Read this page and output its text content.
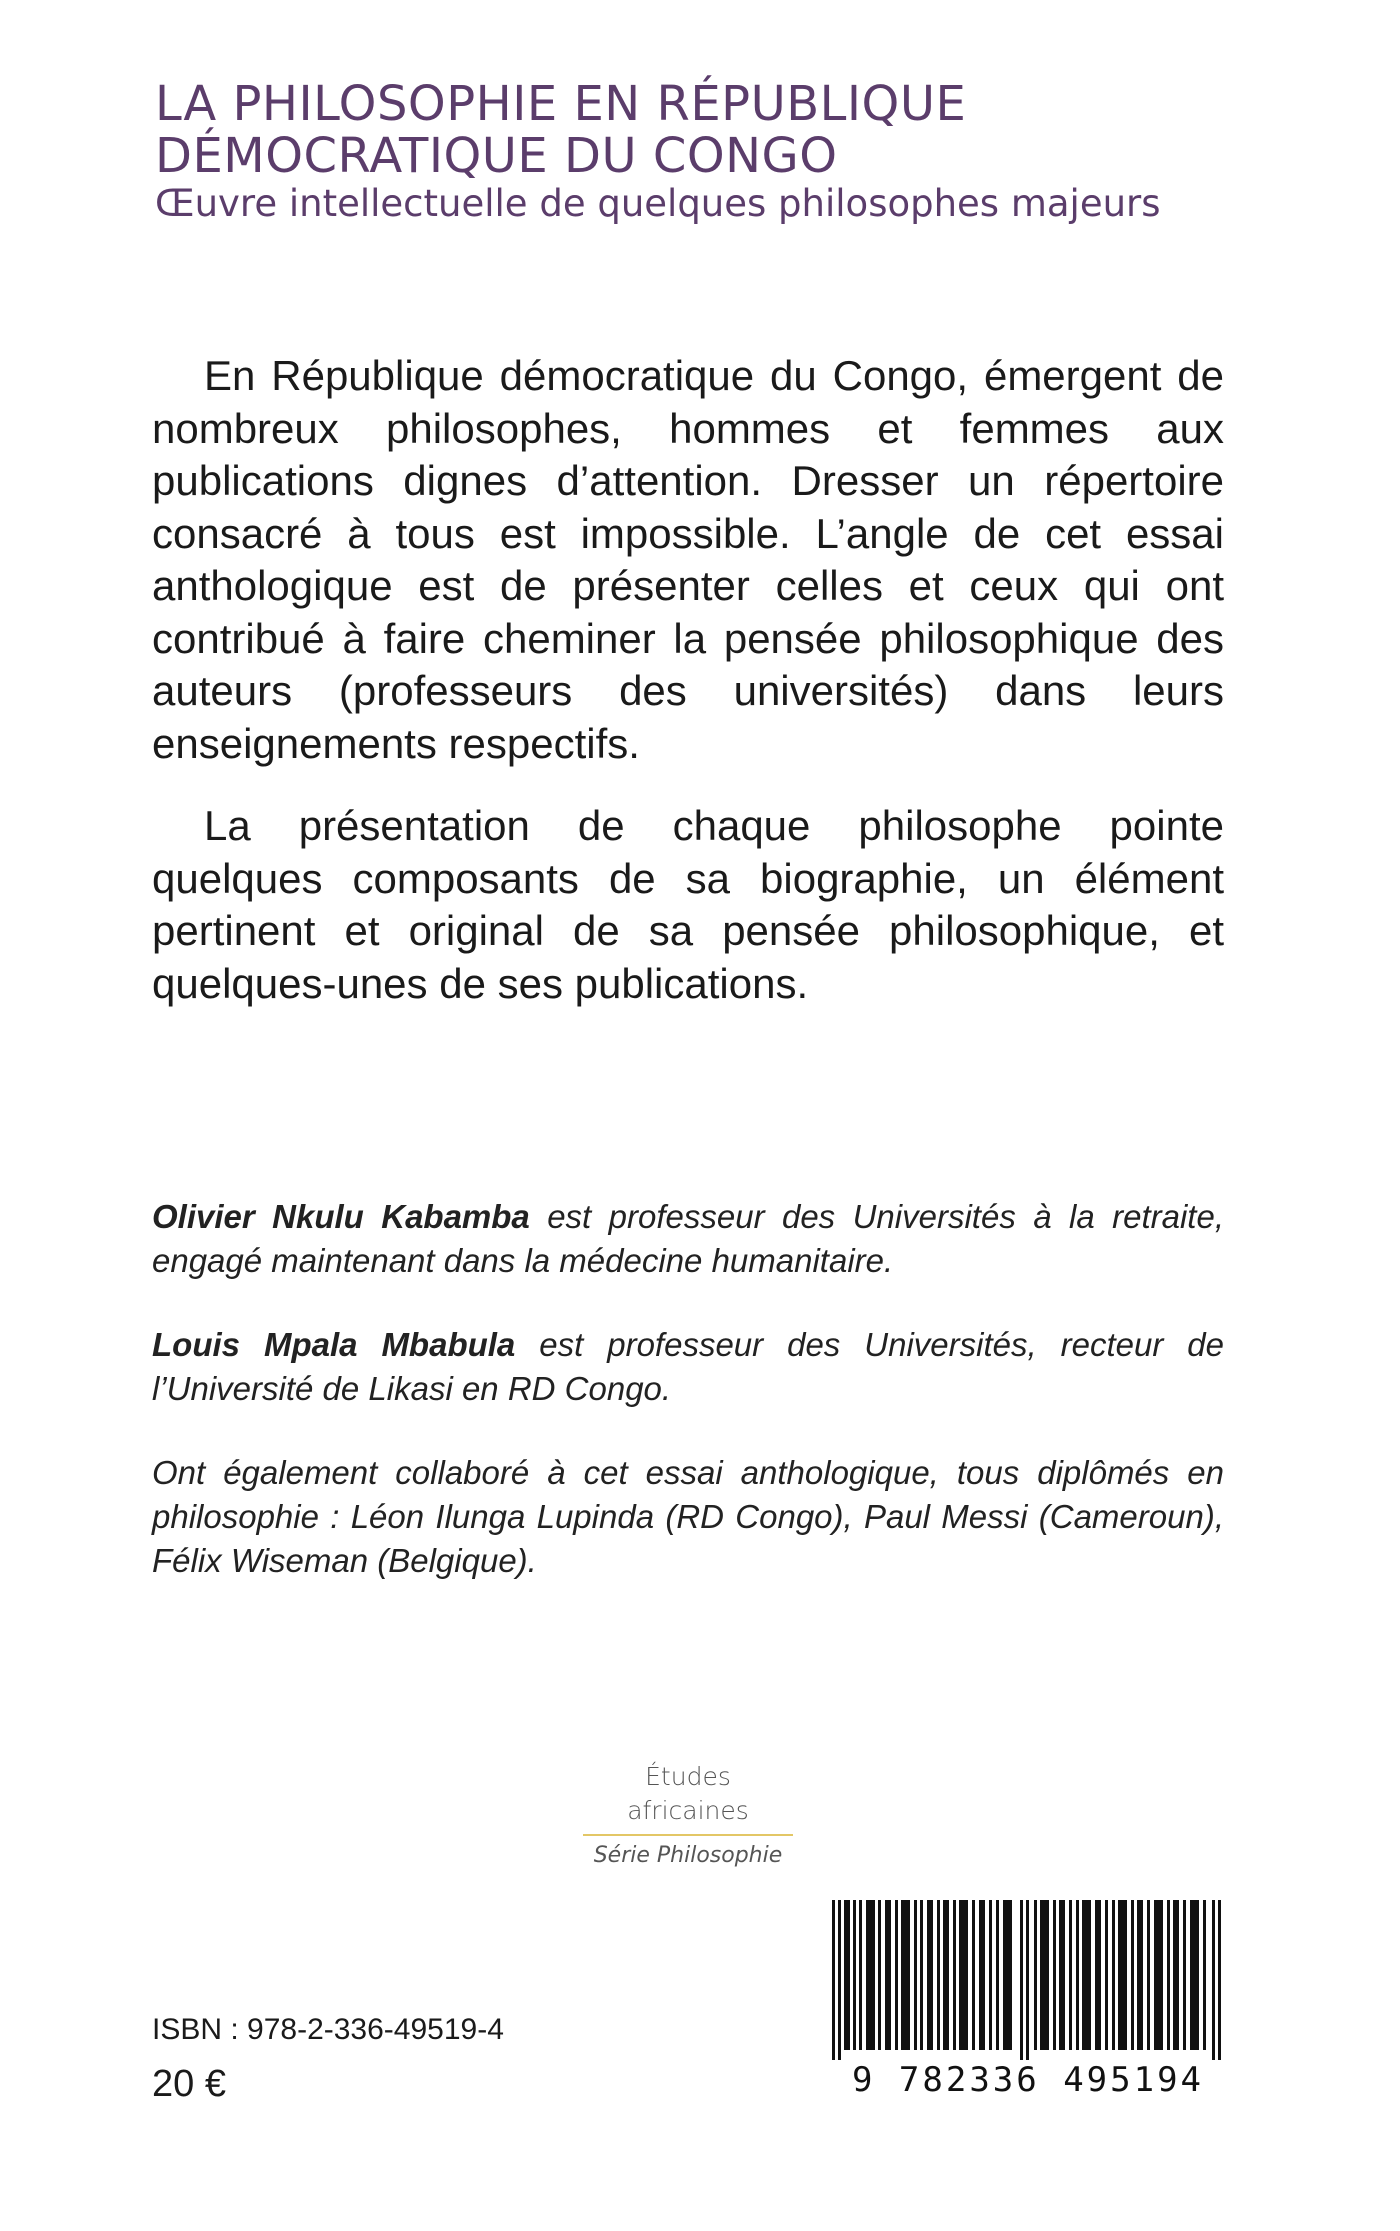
LA PHILOSOPHIE EN RÉPUBLIQUE
DÉMOCRATIQUE DU CONGO
Œuvre intellectuelle de quelques philosophes majeurs

En République démocratique du Congo, émergent de nombreux philosophes, hommes et femmes aux publications dignes d’attention. Dresser un répertoire consacré à tous est impossible. L’angle de cet essai anthologique est de présenter celles et ceux qui ont contribué à faire cheminer la pensée philosophique des auteurs (professeurs des universités) dans leurs enseignements respectifs.

La présentation de chaque philosophe pointe quelques composants de sa biographie, un élément pertinent et original de sa pensée philosophique, et quelques-unes de ses publications.

Olivier Nkulu Kabamba est professeur des Universités à la retraite, engagé maintenant dans la médecine humanitaire.

Louis Mpala Mbabula est professeur des Universités, recteur de l’Université de Likasi en RD Congo.

Ont également collaboré à cet essai anthologique, tous diplômés en philosophie : Léon Ilunga Lupinda (RD Congo), Paul Messi (Cameroun), Félix Wiseman (Belgique).

Études africaines
Série Philosophie
ISBN : 978-2-336-49519-4
20 €	9 782336 495194
